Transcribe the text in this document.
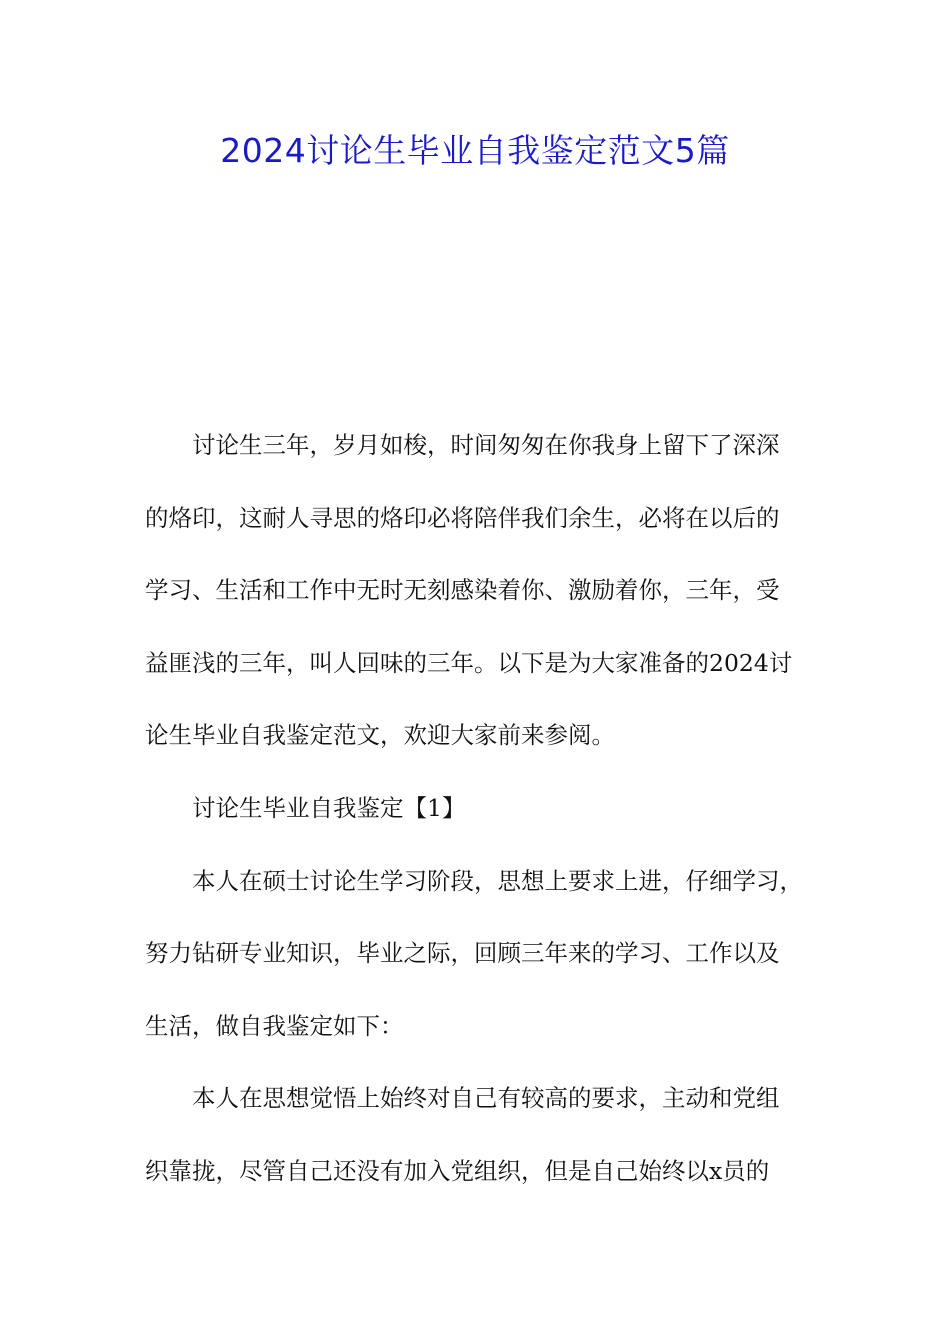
2024讨论生毕业自我鉴定范文5篇
讨论生三年，岁月如梭，时间匆匆在你我身上留下了深深
的烙印，这耐人寻思的烙印必将陪伴我们余生，必将在以后的
学习、生活和工作中无时无刻感染着你、激励着你，三年，受
益匪浅的三年，叫人回味的三年。以下是为大家准备的2024讨
论生毕业自我鉴定范文，欢迎大家前来参阅。
讨论生毕业自我鉴定【1】
本人在硕士讨论生学习阶段，思想上要求上进，仔细学习，
努力钻研专业知识，毕业之际，回顾三年来的学习、工作以及
生活，做自我鉴定如下：
本人在思想觉悟上始终对自己有较高的要求，主动和党组
织靠拢，尽管自己还没有加入党组织，但是自己始终以x员的
